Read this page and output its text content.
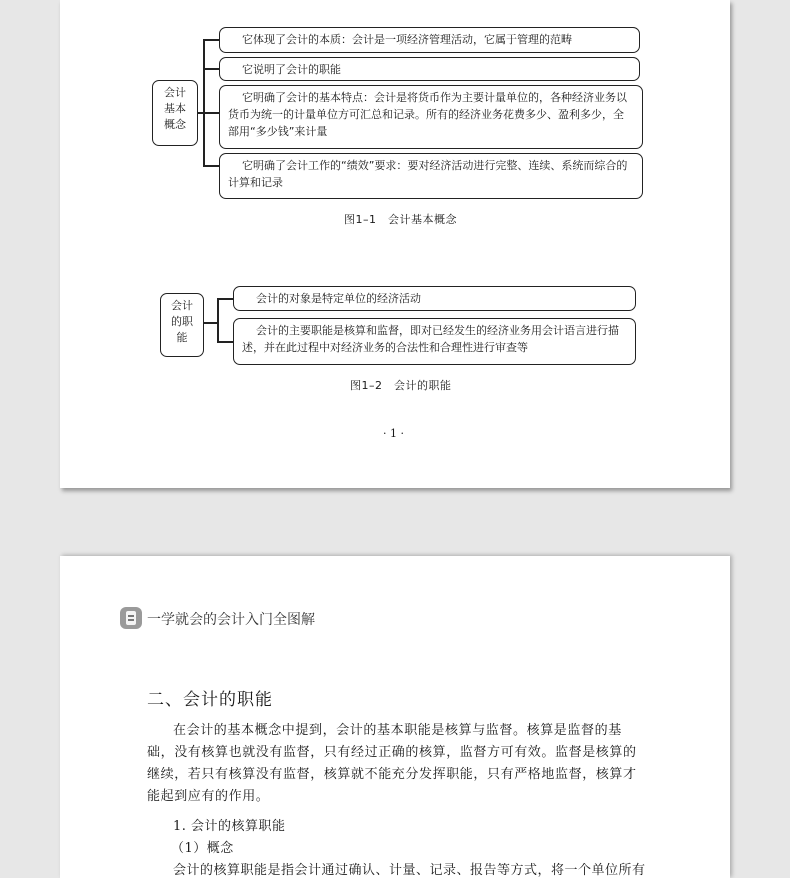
会计
基本
概念
它体现了会计的本质：会计是一项经济管理活动，它属于管理的范畴
它说明了会计的职能
它明确了会计的基本特点：会计是将货币作为主要计量单位的，各种经济业务以货币为统一的计量单位方可汇总和记录。所有的经济业务花费多少、盈利多少，全部用“多少钱”来计量
它明确了会计工作的“绩效”要求：要对经济活动进行完整、连续、系统而综合的计算和记录
图1–1　会计基本概念
会计
的职
能
会计的对象是特定单位的经济活动
会计的主要职能是核算和监督，即对已经发生的经济业务用会计语言进行描述，并在此过程中对经济业务的合法性和合理性进行审查等
图1–2　会计的职能
· 1 ·
一学就会的会计入门全图解
二、会计的职能
在会计的基本概念中提到，会计的基本职能是核算与监督。核算是监督的基础，没有核算也就没有监督，只有经过正确的核算，监督方可有效。监督是核算的继续，若只有核算没有监督，核算就不能充分发挥职能，只有严格地监督，核算才能起到应有的作用。
1. 会计的核算职能
（1）概念
会计的核算职能是指会计通过确认、计量、记录、报告等方式，将一个单位所有
